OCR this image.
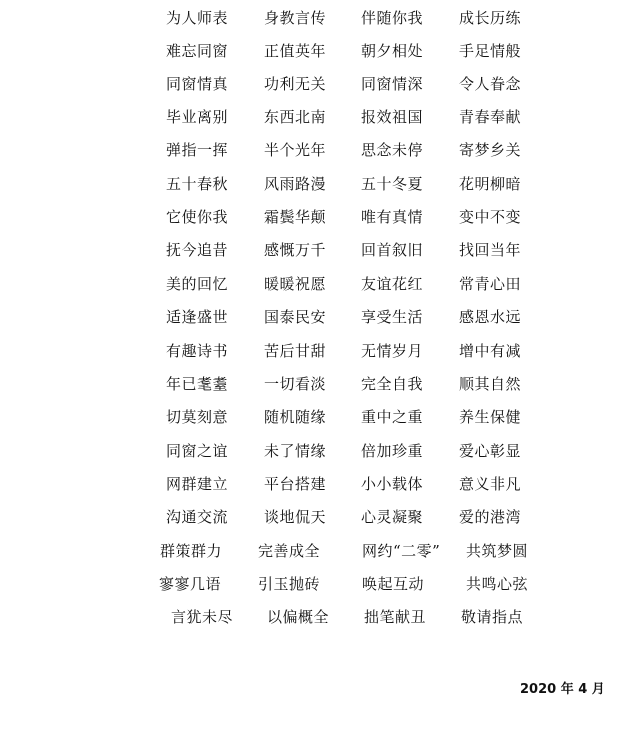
为人师表 身教言传 伴随你我 成长历练
难忘同窗 正值英年 朝夕相处 手足情般
同窗情真 功利无关 同窗情深 令人眷念
毕业离别 东西北南 报效祖国 青春奉献
弹指一挥 半个光年 思念未停 寄梦乡关
五十春秋 风雨路漫 五十冬夏 花明柳暗
它使你我 霜鬓华颠 唯有真情 变中不变
抚今追昔 感慨万千 回首叙旧 找回当年
美的回忆 暖暖祝愿 友谊花红 常青心田
适逢盛世 国泰民安 享受生活 感恩水远
有趣诗书 苦后甘甜 无情岁月 增中有减
年已耄耋 一切看淡 完全自我 顺其自然
切莫刻意 随机随缘 重中之重 养生保健
同窗之谊 未了情缘 倍加珍重 爱心彰显
网群建立 平台搭建 小小载体 意义非凡
沟通交流 谈地侃天 心灵凝聚 爱的港湾
群策群力 完善成全	网约“二零” 共筑梦圆
寥寥几语 引玉抛砖	唤起互动	共鸣心弦
言犹未尽 以偏概全 拙笔献丑 敬请指点
2020 年 4 月
